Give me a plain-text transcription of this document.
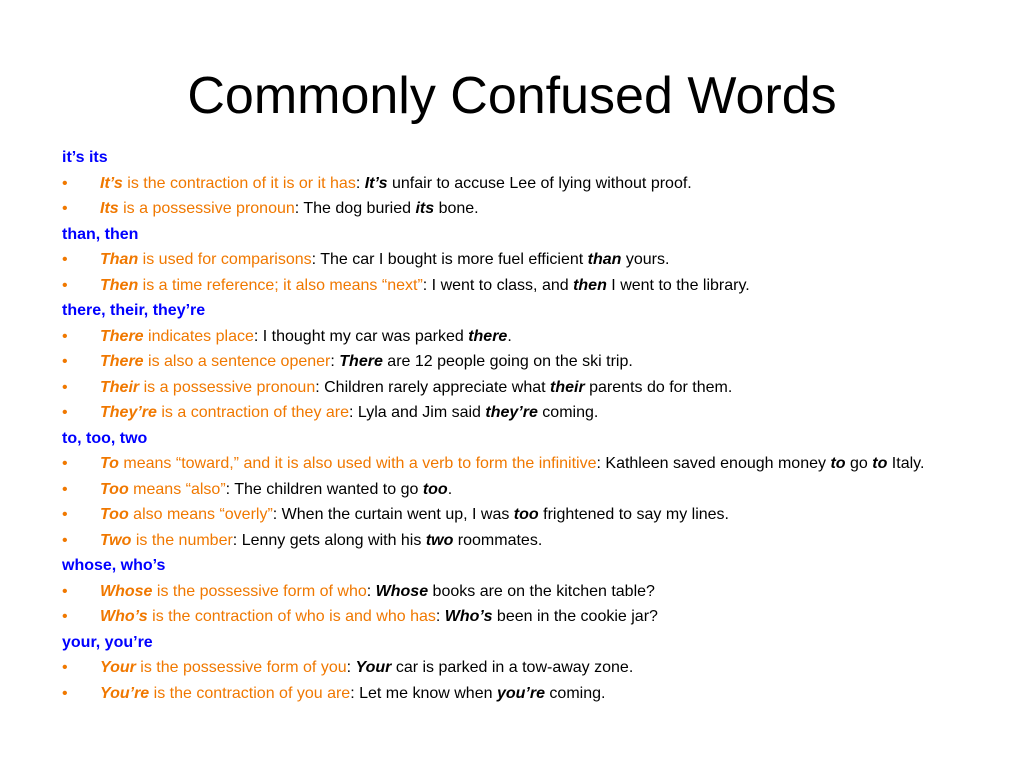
Commonly Confused Words
it’s its
• It’s is the contraction of it is or it has: It’s unfair to accuse Lee of lying without proof.
• Its is a possessive pronoun: The dog buried its bone.
than, then
• Than is used for comparisons: The car I bought is more fuel efficient than yours.
• Then is a time reference; it also means “next”: I went to class, and then I went to the library.
there, their, they’re
• There indicates place: I thought my car was parked there.
• There is also a sentence opener: There are 12 people going on the ski trip.
• Their is a possessive pronoun: Children rarely appreciate what their parents do for them.
• They’re is a contraction of they are: Lyla and Jim said they’re coming.
to, too, two
• To means “toward,” and it is also used with a verb to form the infinitive: Kathleen saved enough money to go to Italy.
• Too means “also”: The children wanted to go too.
• Too also means “overly”: When the curtain went up, I was too frightened to say my lines.
• Two is the number: Lenny gets along with his two roommates.
whose, who’s
• Whose is the possessive form of who: Whose books are on the kitchen table?
• Who’s is the contraction of who is and who has: Who’s been in the cookie jar?
your, you’re
• Your is the possessive form of you: Your car is parked in a tow-away zone.
• You’re is the contraction of you are: Let me know when you’re coming.
